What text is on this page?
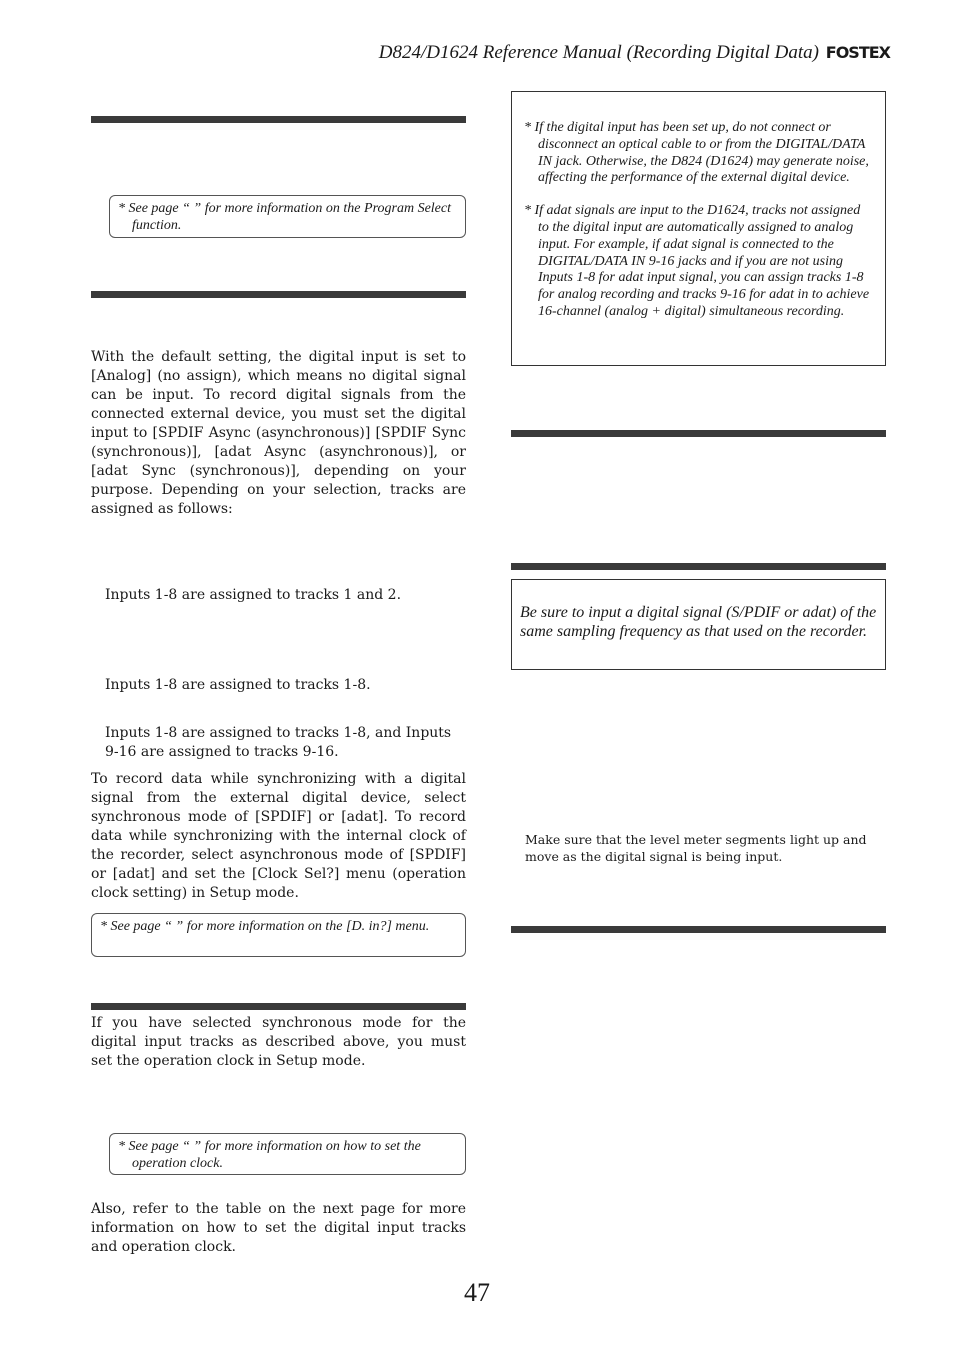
D824/D1624 Reference Manual (Recording Digital Data) FOSTEX
* See page “ ” for more information on the Program Select function.
With the default setting, the digital input is set to [Analog] (no assign), which means no digital signal can be input. To record digital signals from the connected external device, you must set the digital input to [SPDIF Async (asynchronous)] [SPDIF Sync (synchronous)], [adat Async (asynchronous)], or [adat Sync (synchronous)], depending on your purpose. Depending on your selection, tracks are assigned as follows:
Inputs 1-8 are assigned to tracks 1 and 2.
Inputs 1-8 are assigned to tracks 1-8.
Inputs 1-8 are assigned to tracks 1-8, and Inputs 9-16 are assigned to tracks 9-16.
To record data while synchronizing with a digital signal from the external digital device, select synchronous mode of [SPDIF] or [adat]. To record data while synchronizing with the internal clock of the recorder, select asynchronous mode of [SPDIF] or [adat] and set the [Clock Sel?] menu (operation clock setting) in Setup mode.
* See page “ ” for more information on the [D. in?] menu.
If you have selected synchronous mode for the digital input tracks as described above, you must set the operation clock in Setup mode.
* See page “ ” for more information on how to set the operation clock.
Also, refer to the table on the next page for more information on how to set the digital input tracks and operation clock.

* If the digital input has been set up, do not connect or disconnect an optical cable to or from the DIGITAL/DATA IN jack. Otherwise, the D824 (D1624) may generate noise, affecting the performance of the external digital device.

* If adat signals are input to the D1624, tracks not assigned to the digital input are automatically assigned to analog input. For example, if adat signal is connected to the DIGITAL/DATA IN 9-16 jacks and if you are not using Inputs 1-8 for adat input signal, you can assign tracks 1-8 for analog recording and tracks 9-16 for adat in to achieve 16-channel (analog + digital) simultaneous recording.

Be sure to input a digital signal (S/PDIF or adat) of the same sampling frequency as that used on the recorder.
Make sure that the level meter segments light up and move as the digital signal is being input.
47
